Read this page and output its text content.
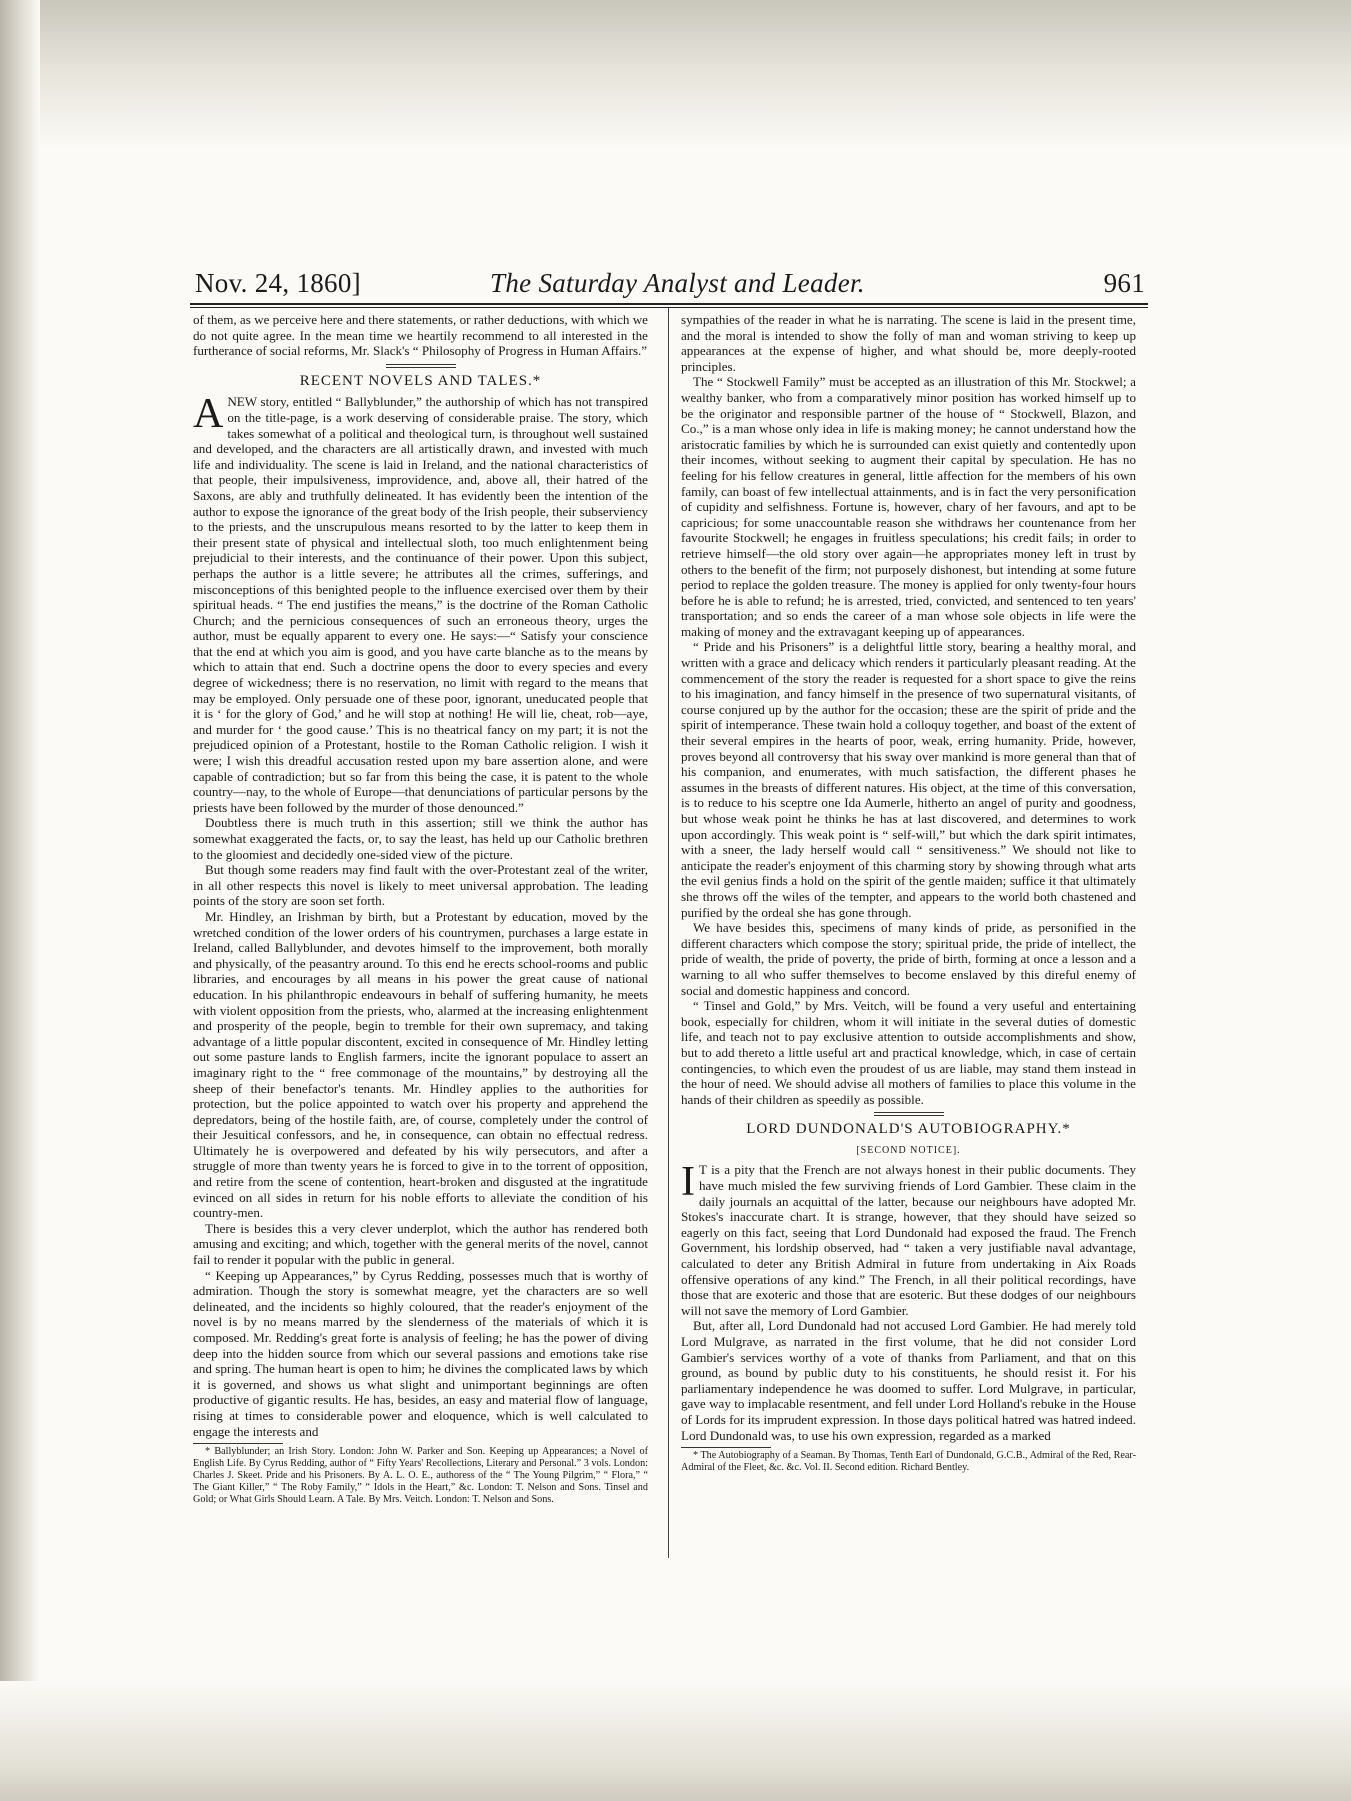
Nov. 24, 1860]	The Saturday Analyst and Leader.	961

of them, as we perceive here and there statements, or rather deductions, with which we do not quite agree. In the mean time we heartily recommend to all interested in the furtherance of social reforms, Mr. Slack's “ Philosophy of Progress in Human Affairs.”

RECENT NOVELS AND TALES.*

ANEW story, entitled “ Ballyblunder,” the authorship of which has not transpired on the title-page, is a work deserving of considerable praise. The story, which takes somewhat of a political and theological turn, is throughout well sustained and developed, and the characters are all artistically drawn, and invested with much life and individuality. The scene is laid in Ireland, and the national characteristics of that people, their impulsiveness, improvidence, and, above all, their hatred of the Saxons, are ably and truthfully delineated. It has evidently been the intention of the author to expose the ignorance of the great body of the Irish people, their subserviency to the priests, and the unscrupulous means resorted to by the latter to keep them in their present state of physical and intellectual sloth, too much enlightenment being prejudicial to their interests, and the continuance of their power. Upon this subject, perhaps the author is a little severe; he attributes all the crimes, sufferings, and misconceptions of this benighted people to the influence exercised over them by their spiritual heads. “ The end justifies the means,” is the doctrine of the Roman Catholic Church; and the pernicious consequences of such an erroneous theory, urges the author, must be equally apparent to every one. He says:—“ Satisfy your conscience that the end at which you aim is good, and you have carte blanche as to the means by which to attain that end. Such a doctrine opens the door to every species and every degree of wickedness; there is no reservation, no limit with regard to the means that may be employed. Only persuade one of these poor, ignorant, uneducated people that it is ‘ for the glory of God,’ and he will stop at nothing! He will lie, cheat, rob—aye, and murder for ‘ the good cause.’ This is no theatrical fancy on my part; it is not the prejudiced opinion of a Protestant, hostile to the Roman Catholic religion. I wish it were; I wish this dreadful accusation rested upon my bare assertion alone, and were capable of contradiction; but so far from this being the case, it is patent to the whole country—nay, to the whole of Europe—that denunciations of particular persons by the priests have been followed by the murder of those denounced.”

Doubtless there is much truth in this assertion; still we think the author has somewhat exaggerated the facts, or, to say the least, has held up our Catholic brethren to the gloomiest and decidedly one-sided view of the picture.

But though some readers may find fault with the over-Protestant zeal of the writer, in all other respects this novel is likely to meet universal approbation. The leading points of the story are soon set forth.

Mr. Hindley, an Irishman by birth, but a Protestant by education, moved by the wretched condition of the lower orders of his countrymen, purchases a large estate in Ireland, called Ballyblunder, and devotes himself to the improvement, both morally and physically, of the peasantry around. To this end he erects school-rooms and public libraries, and encourages by all means in his power the great cause of national education. In his philanthropic endeavours in behalf of suffering humanity, he meets with violent opposition from the priests, who, alarmed at the increasing enlightenment and prosperity of the people, begin to tremble for their own supremacy, and taking advantage of a little popular discontent, excited in consequence of Mr. Hindley letting out some pasture lands to English farmers, incite the ignorant populace to assert an imaginary right to the “ free commonage of the mountains,” by destroying all the sheep of their benefactor's tenants. Mr. Hindley applies to the authorities for protection, but the police appointed to watch over his property and apprehend the depredators, being of the hostile faith, are, of course, completely under the control of their Jesuitical confessors, and he, in consequence, can obtain no effectual redress. Ultimately he is overpowered and defeated by his wily persecutors, and after a struggle of more than twenty years he is forced to give in to the torrent of opposition, and retire from the scene of contention, heart-broken and disgusted at the ingratitude evinced on all sides in return for his noble efforts to alleviate the condition of his country-men.

There is besides this a very clever underplot, which the author has rendered both amusing and exciting; and which, together with the general merits of the novel, cannot fail to render it popular with the public in general.

“ Keeping up Appearances,” by Cyrus Redding, possesses much that is worthy of admiration. Though the story is somewhat meagre, yet the characters are so well delineated, and the incidents so highly coloured, that the reader's enjoyment of the novel is by no means marred by the slenderness of the materials of which it is composed. Mr. Redding's great forte is analysis of feeling; he has the power of diving deep into the hidden source from which our several passions and emotions take rise and spring. The human heart is open to him; he divines the complicated laws by which it is governed, and shows us what slight and unimportant beginnings are often productive of gigantic results. He has, besides, an easy and material flow of language, rising at times to considerable power and eloquence, which is well calculated to engage the interests and

* Ballyblunder; an Irish Story. London: John W. Parker and Son. Keeping up Appearances; a Novel of English Life. By Cyrus Redding, author of “ Fifty Years' Recollections, Literary and Personal.” 3 vols. London: Charles J. Skeet. Pride and his Prisoners. By A. L. O. E., authoress of the “ The Young Pilgrim,” “ Flora,” “ The Giant Killer,” “ The Roby Family,” “ Idols in the Heart,” &c. London: T. Nelson and Sons. Tinsel and Gold; or What Girls Should Learn. A Tale. By Mrs. Veitch. London: T. Nelson and Sons.

sympathies of the reader in what he is narrating. The scene is laid in the present time, and the moral is intended to show the folly of man and woman striving to keep up appearances at the expense of higher, and what should be, more deeply-rooted principles.

The “ Stockwell Family” must be accepted as an illustration of this Mr. Stockwel; a wealthy banker, who from a comparatively minor position has worked himself up to be the originator and responsible partner of the house of “ Stockwell, Blazon, and Co.,” is a man whose only idea in life is making money; he cannot understand how the aristocratic families by which he is surrounded can exist quietly and contentedly upon their incomes, without seeking to augment their capital by speculation. He has no feeling for his fellow creatures in general, little affection for the members of his own family, can boast of few intellectual attainments, and is in fact the very personification of cupidity and selfishness. Fortune is, however, chary of her favours, and apt to be capricious; for some unaccountable reason she withdraws her countenance from her favourite Stockwell; he engages in fruitless speculations; his credit fails; in order to retrieve himself—the old story over again—he appropriates money left in trust by others to the benefit of the firm; not purposely dishonest, but intending at some future period to replace the golden treasure. The money is applied for only twenty-four hours before he is able to refund; he is arrested, tried, convicted, and sentenced to ten years' transportation; and so ends the career of a man whose sole objects in life were the making of money and the extravagant keeping up of appearances.

“ Pride and his Prisoners” is a delightful little story, bearing a healthy moral, and written with a grace and delicacy which renders it particularly pleasant reading. At the commencement of the story the reader is requested for a short space to give the reins to his imagination, and fancy himself in the presence of two supernatural visitants, of course conjured up by the author for the occasion; these are the spirit of pride and the spirit of intemperance. These twain hold a colloquy together, and boast of the extent of their several empires in the hearts of poor, weak, erring humanity. Pride, however, proves beyond all controversy that his sway over mankind is more general than that of his companion, and enumerates, with much satisfaction, the different phases he assumes in the breasts of different natures. His object, at the time of this conversation, is to reduce to his sceptre one Ida Aumerle, hitherto an angel of purity and goodness, but whose weak point he thinks he has at last discovered, and determines to work upon accordingly. This weak point is “ self-will,” but which the dark spirit intimates, with a sneer, the lady herself would call “ sensitiveness.” We should not like to anticipate the reader's enjoyment of this charming story by showing through what arts the evil genius finds a hold on the spirit of the gentle maiden; suffice it that ultimately she throws off the wiles of the tempter, and appears to the world both chastened and purified by the ordeal she has gone through.

We have besides this, specimens of many kinds of pride, as personified in the different characters which compose the story; spiritual pride, the pride of intellect, the pride of wealth, the pride of poverty, the pride of birth, forming at once a lesson and a warning to all who suffer themselves to become enslaved by this direful enemy of social and domestic happiness and concord.

“ Tinsel and Gold,” by Mrs. Veitch, will be found a very useful and entertaining book, especially for children, whom it will initiate in the several duties of domestic life, and teach not to pay exclusive attention to outside accomplishments and show, but to add thereto a little useful art and practical knowledge, which, in case of certain contingencies, to which even the proudest of us are liable, may stand them instead in the hour of need. We should advise all mothers of families to place this volume in the hands of their children as speedily as possible.

LORD DUNDONALD'S AUTOBIOGRAPHY.*
[SECOND NOTICE].

I T is a pity that the French are not always honest in their public documents. They have much misled the few surviving friends of Lord Gambier. These claim in the daily journals an acquittal of the latter, because our neighbours have adopted Mr. Stokes's inaccurate chart. It is strange, however, that they should have seized so eagerly on this fact, seeing that Lord Dundonald had exposed the fraud. The French Government, his lordship observed, had “ taken a very justifiable naval advantage, calculated to deter any British Admiral in future from undertaking in Aix Roads offensive operations of any kind.” The French, in all their political recordings, have those that are exoteric and those that are esoteric. But these dodges of our neighbours will not save the memory of Lord Gambier.

But, after all, Lord Dundonald had not accused Lord Gambier. He had merely told Lord Mulgrave, as narrated in the first volume, that he did not consider Lord Gambier's services worthy of a vote of thanks from Parliament, and that on this ground, as bound by public duty to his constituents, he should resist it. For his parliamentary independence he was doomed to suffer. Lord Mulgrave, in particular, gave way to implacable resentment, and fell under Lord Holland's rebuke in the House of Lords for its imprudent expression. In those days political hatred was hatred indeed. Lord Dundonald was, to use his own expression, regarded as a marked

* The Autobiography of a Seaman. By Thomas, Tenth Earl of Dundonald, G.C.B., Admiral of the Red, Rear-Admiral of the Fleet, &c. &c. Vol. II. Second edition. Richard Bentley.
